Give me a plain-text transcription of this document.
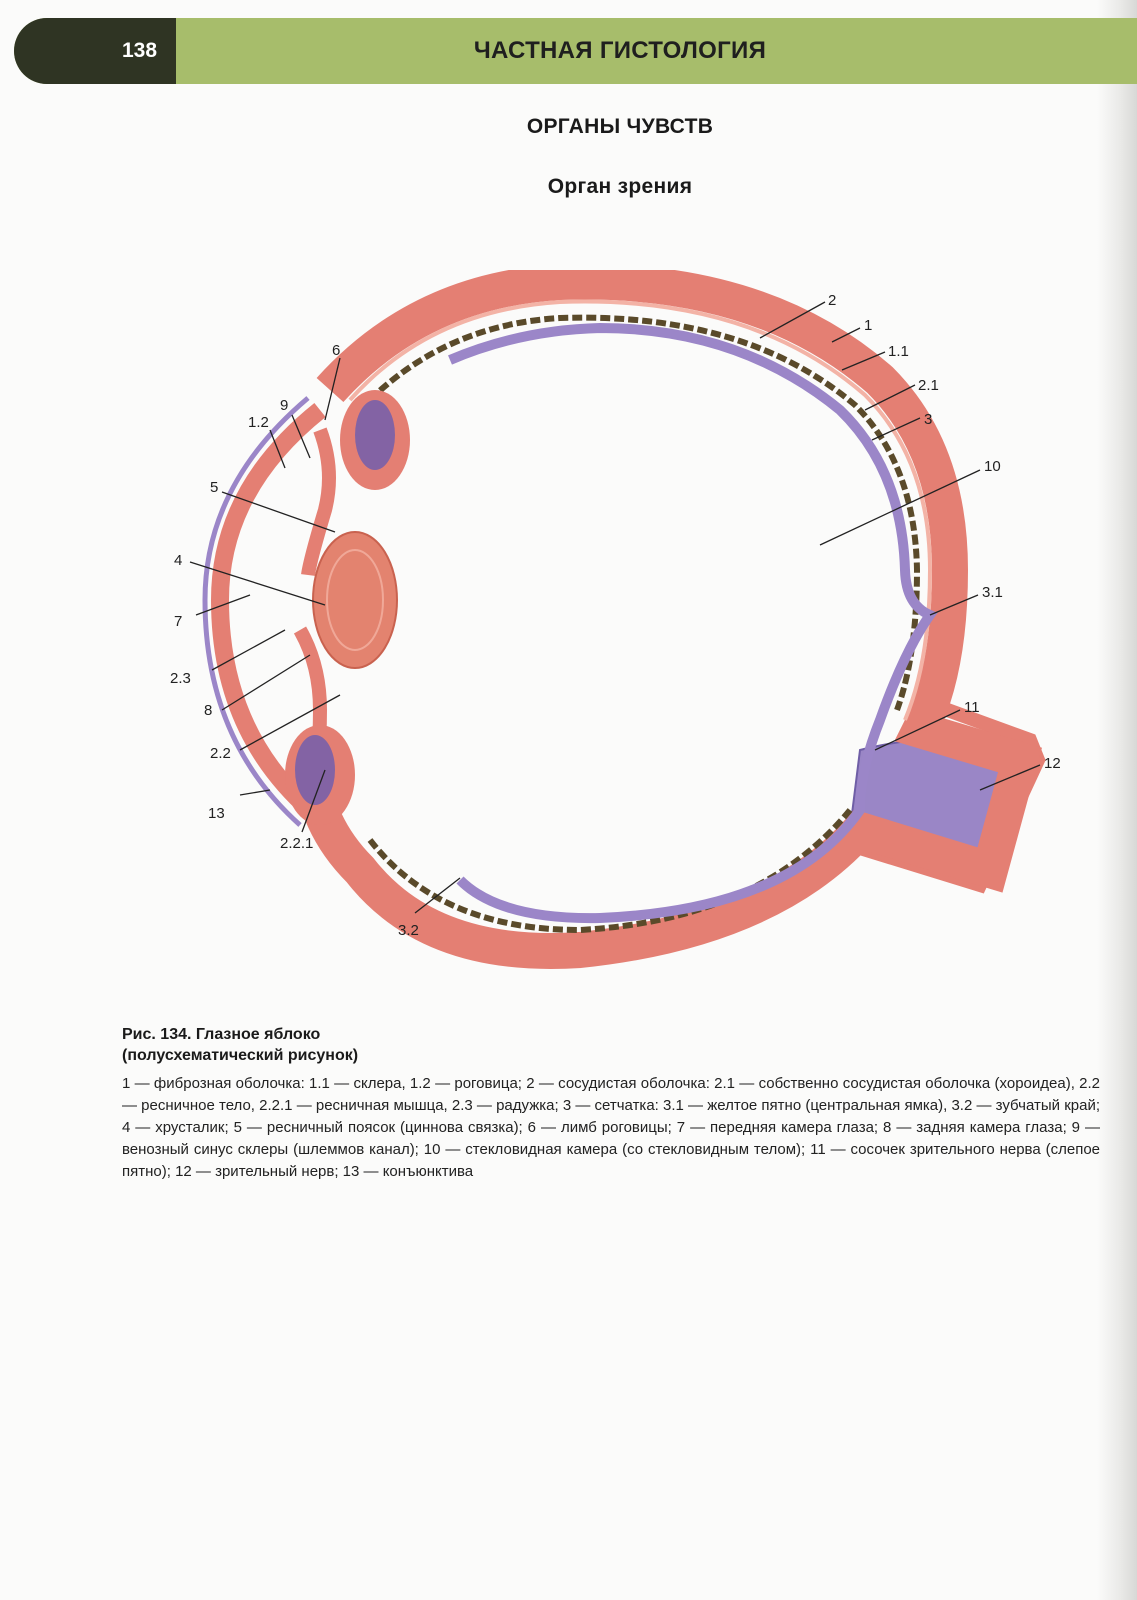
138	ЧАСТНАЯ ГИСТОЛОГИЯ
ОРГАНЫ ЧУВСТВ
Орган зрения
2
1
1.1
2.1
3
10
3.1
11
12
6
9
1.2
5
4
7
2.3
8
2.2
13
2.2.1
3.2
Рис. 134. Глазное яблоко
(полусхематический рисунок)
1 — фиброзная оболочка: 1.1 — склера, 1.2 — роговица; 2 — сосудистая оболочка: 2.1 — собственно сосудистая оболочка (хороидеа), 2.2 — ресничное тело, 2.2.1 — ресничная мышца, 2.3 — радужка; 3 — сетчатка: 3.1 — желтое пятно (центральная ямка), 3.2 — зубчатый край; 4 — хрусталик; 5 — ресничный поясок (циннова связка); 6 — лимб роговицы; 7 — передняя камера глаза; 8 — задняя камера глаза; 9 — венозный синус склеры (шлеммов канал); 10 — стекловидная камера (со стекловидным телом); 11 — сосочек зрительного нерва (слепое пятно); 12 — зрительный нерв; 13 — конъюнктива
